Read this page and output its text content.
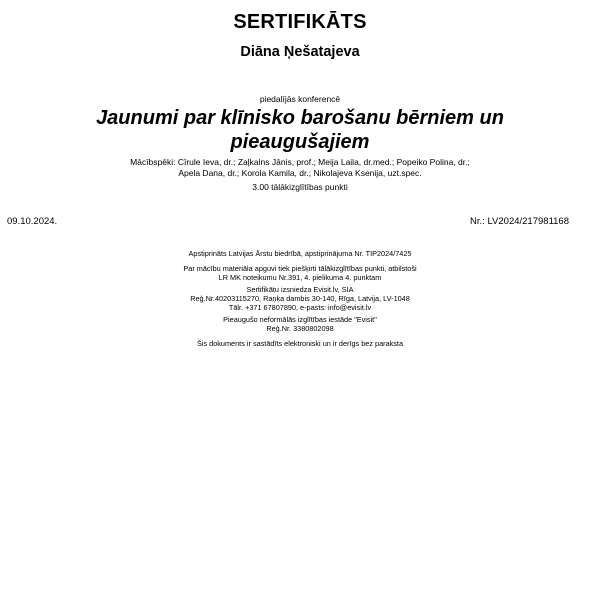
SERTIFIKĀTS
Diāna Ņešatajeva
piedalījās konferencē
Jaunumi par klīnisko barošanu bērniem un
pieaugušajiem
Mācībspēki: Cīrule Ieva, dr.; Zaļkalns Jānis, prof.; Meija Laila, dr.med.; Popeiko Polina, dr.;
Apela Dana, dr.; Korola Kamila, dr.; Nikolajeva Ksenija, uzt.spec.
3.00 tālākizglītības punkti
09.10.2024.	Nr.: LV2024/217981168
Apstiprināts Latvijas Ārstu biedrībā, apstiprinājuma Nr. TIP2024/7425
Par mācību materiāla apguvi tiek piešķirti tālākizglītības punkti, atbilstoši
LR MK noteikumu Nr.391, 4. pielikuma 4. punktam
Sertifikātu izsniedza Evisit.lv, SIA
Reģ.Nr.40203115270, Raņķa dambis 30-140, Rīga, Latvija, LV-1048
Tālr. +371 67807890, e-pasts: info@evisit.lv
Pieaugušo neformālās izglītības iestāde "Evisit"
Reģ.Nr. 3380802098
Šis dokuments ir sastādīts elektroniski un ir derīgs bez paraksta
